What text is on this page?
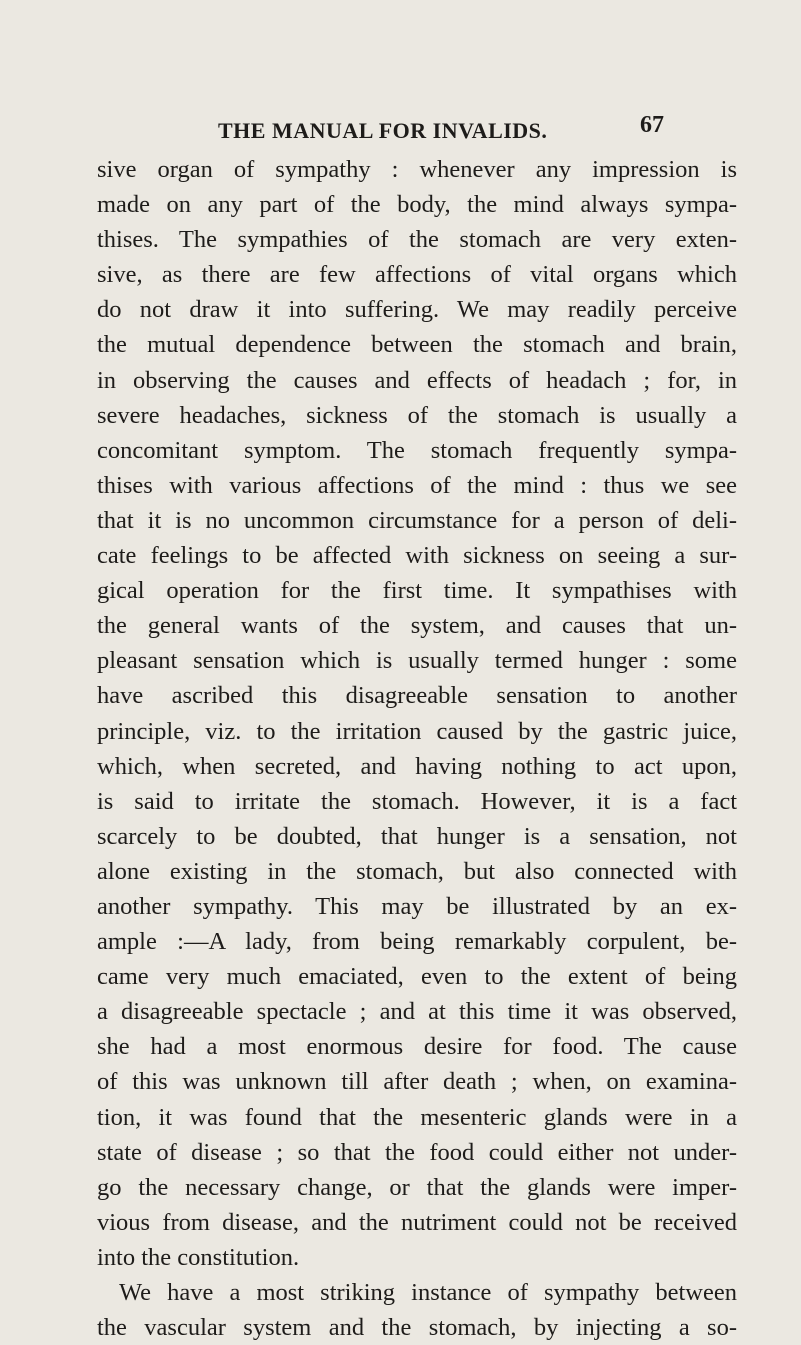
THE MANUAL FOR INVALIDS.	67
sive organ of sympathy : whenever any impression is
made on any part of the body, the mind always sympa-
thises. The sympathies of the stomach are very exten-
sive, as there are few affections of vital organs which
do not draw it into suffering. We may readily perceive
the mutual dependence between the stomach and brain,
in observing the causes and effects of headach ; for, in
severe headaches, sickness of the stomach is usually a
concomitant symptom. The stomach frequently sympa-
thises with various affections of the mind : thus we see
that it is no uncommon circumstance for a person of deli-
cate feelings to be affected with sickness on seeing a sur-
gical operation for the first time. It sympathises with
the general wants of the system, and causes that un-
pleasant sensation which is usually termed hunger : some
have ascribed this disagreeable sensation to another
principle, viz. to the irritation caused by the gastric juice,
which, when secreted, and having nothing to act upon,
is said to irritate the stomach. However, it is a fact
scarcely to be doubted, that hunger is a sensation, not
alone existing in the stomach, but also connected with
another sympathy. This may be illustrated by an ex-
ample :—A lady, from being remarkably corpulent, be-
came very much emaciated, even to the extent of being
a disagreeable spectacle ; and at this time it was observed,
she had a most enormous desire for food. The cause
of this was unknown till after death ; when, on examina-
tion, it was found that the mesenteric glands were in a
state of disease ; so that the food could either not under-
go the necessary change, or that the glands were imper-
vious from disease, and the nutriment could not be received
into the constitution.
We have a most striking instance of sympathy between
the vascular system and the stomach, by injecting a so-
